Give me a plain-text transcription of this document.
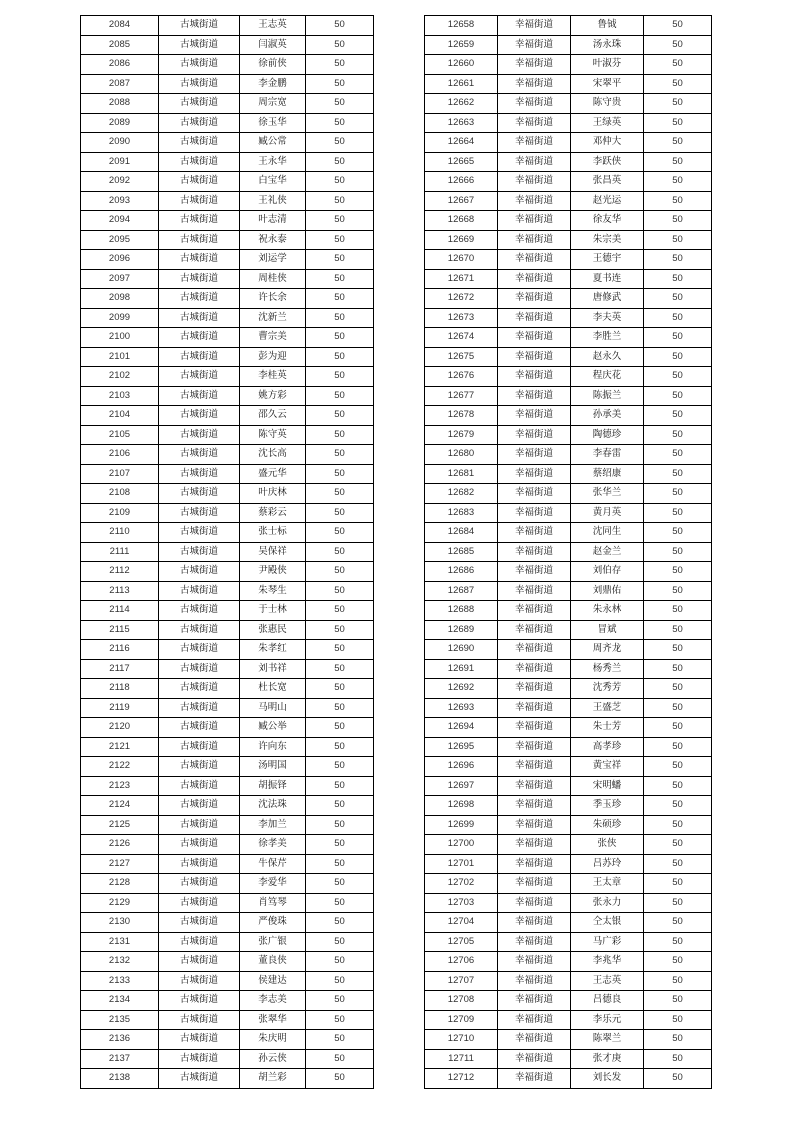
2084	古城街道	王志英	50
2085	古城街道	闫淑英	50
2086	古城街道	徐前侠	50
2087	古城街道	李金鹏	50
2088	古城街道	周宗宽	50
2089	古城街道	徐玉华	50
2090	古城街道	臧公常	50
2091	古城街道	王永华	50
2092	古城街道	白宝华	50
2093	古城街道	王礼侠	50
2094	古城街道	叶志清	50
2095	古城街道	祝永泰	50
2096	古城街道	刘运学	50
2097	古城街道	周桂侠	50
2098	古城街道	许长余	50
2099	古城街道	沈新兰	50
2100	古城街道	曹宗美	50
2101	古城街道	彭为迎	50
2102	古城街道	李桂英	50
2103	古城街道	姚方彩	50
2104	古城街道	邵久云	50
2105	古城街道	陈守英	50
2106	古城街道	沈长高	50
2107	古城街道	盛元华	50
2108	古城街道	叶庆林	50
2109	古城街道	蔡彩云	50
2110	古城街道	张士标	50
2111	古城街道	吴保祥	50
2112	古城街道	尹殿侠	50
2113	古城街道	朱琴生	50
2114	古城街道	于士林	50
2115	古城街道	张惠民	50
2116	古城街道	朱孝红	50
2117	古城街道	刘书祥	50
2118	古城街道	杜长宽	50
2119	古城街道	马明山	50
2120	古城街道	臧公举	50
2121	古城街道	许向东	50
2122	古城街道	汤明国	50
2123	古城街道	胡振铎	50
2124	古城街道	沈法珠	50
2125	古城街道	李加兰	50
2126	古城街道	徐孝美	50
2127	古城街道	牛保芹	50
2128	古城街道	李爱华	50
2129	古城街道	肖笃琴	50
2130	古城街道	严俊珠	50
2131	古城街道	张广银	50
2132	古城街道	董良侠	50
2133	古城街道	侯建达	50
2134	古城街道	李志美	50
2135	古城街道	张翠华	50
2136	古城街道	朱庆明	50
2137	古城街道	孙云侠	50
2138	古城街道	胡兰彩	50
12658	幸福街道	鲁钺	50
12659	幸福街道	汤永珠	50
12660	幸福街道	叶淑芬	50
12661	幸福街道	宋翠平	50
12662	幸福街道	陈守贵	50
12663	幸福街道	王绿英	50
12664	幸福街道	邓仲大	50
12665	幸福街道	李跃侠	50
12666	幸福街道	张昌英	50
12667	幸福街道	赵光运	50
12668	幸福街道	徐友华	50
12669	幸福街道	朱宗美	50
12670	幸福街道	王德宇	50
12671	幸福街道	夏书连	50
12672	幸福街道	唐修武	50
12673	幸福街道	李夫英	50
12674	幸福街道	李胜兰	50
12675	幸福街道	赵永久	50
12676	幸福街道	程庆花	50
12677	幸福街道	陈振兰	50
12678	幸福街道	孙承美	50
12679	幸福街道	陶德珍	50
12680	幸福街道	李春雷	50
12681	幸福街道	蔡绍康	50
12682	幸福街道	张华兰	50
12683	幸福街道	黄月英	50
12684	幸福街道	沈同生	50
12685	幸福街道	赵金兰	50
12686	幸福街道	刘伯存	50
12687	幸福街道	刘鼎佑	50
12688	幸福街道	朱永林	50
12689	幸福街道	冒斌	50
12690	幸福街道	周齐龙	50
12691	幸福街道	杨秀兰	50
12692	幸福街道	沈秀芳	50
12693	幸福街道	王盛芝	50
12694	幸福街道	朱士芳	50
12695	幸福街道	高孝珍	50
12696	幸福街道	黄宝祥	50
12697	幸福街道	宋明蟠	50
12698	幸福街道	季玉珍	50
12699	幸福街道	朱硕珍	50
12700	幸福街道	张侠	50
12701	幸福街道	吕苏玲	50
12702	幸福街道	王太章	50
12703	幸福街道	张永力	50
12704	幸福街道	仝太银	50
12705	幸福街道	马广彩	50
12706	幸福街道	李兆华	50
12707	幸福街道	王志英	50
12708	幸福街道	吕德良	50
12709	幸福街道	李乐元	50
12710	幸福街道	陈翠兰	50
12711	幸福街道	张才庚	50
12712	幸福街道	刘长发	50
